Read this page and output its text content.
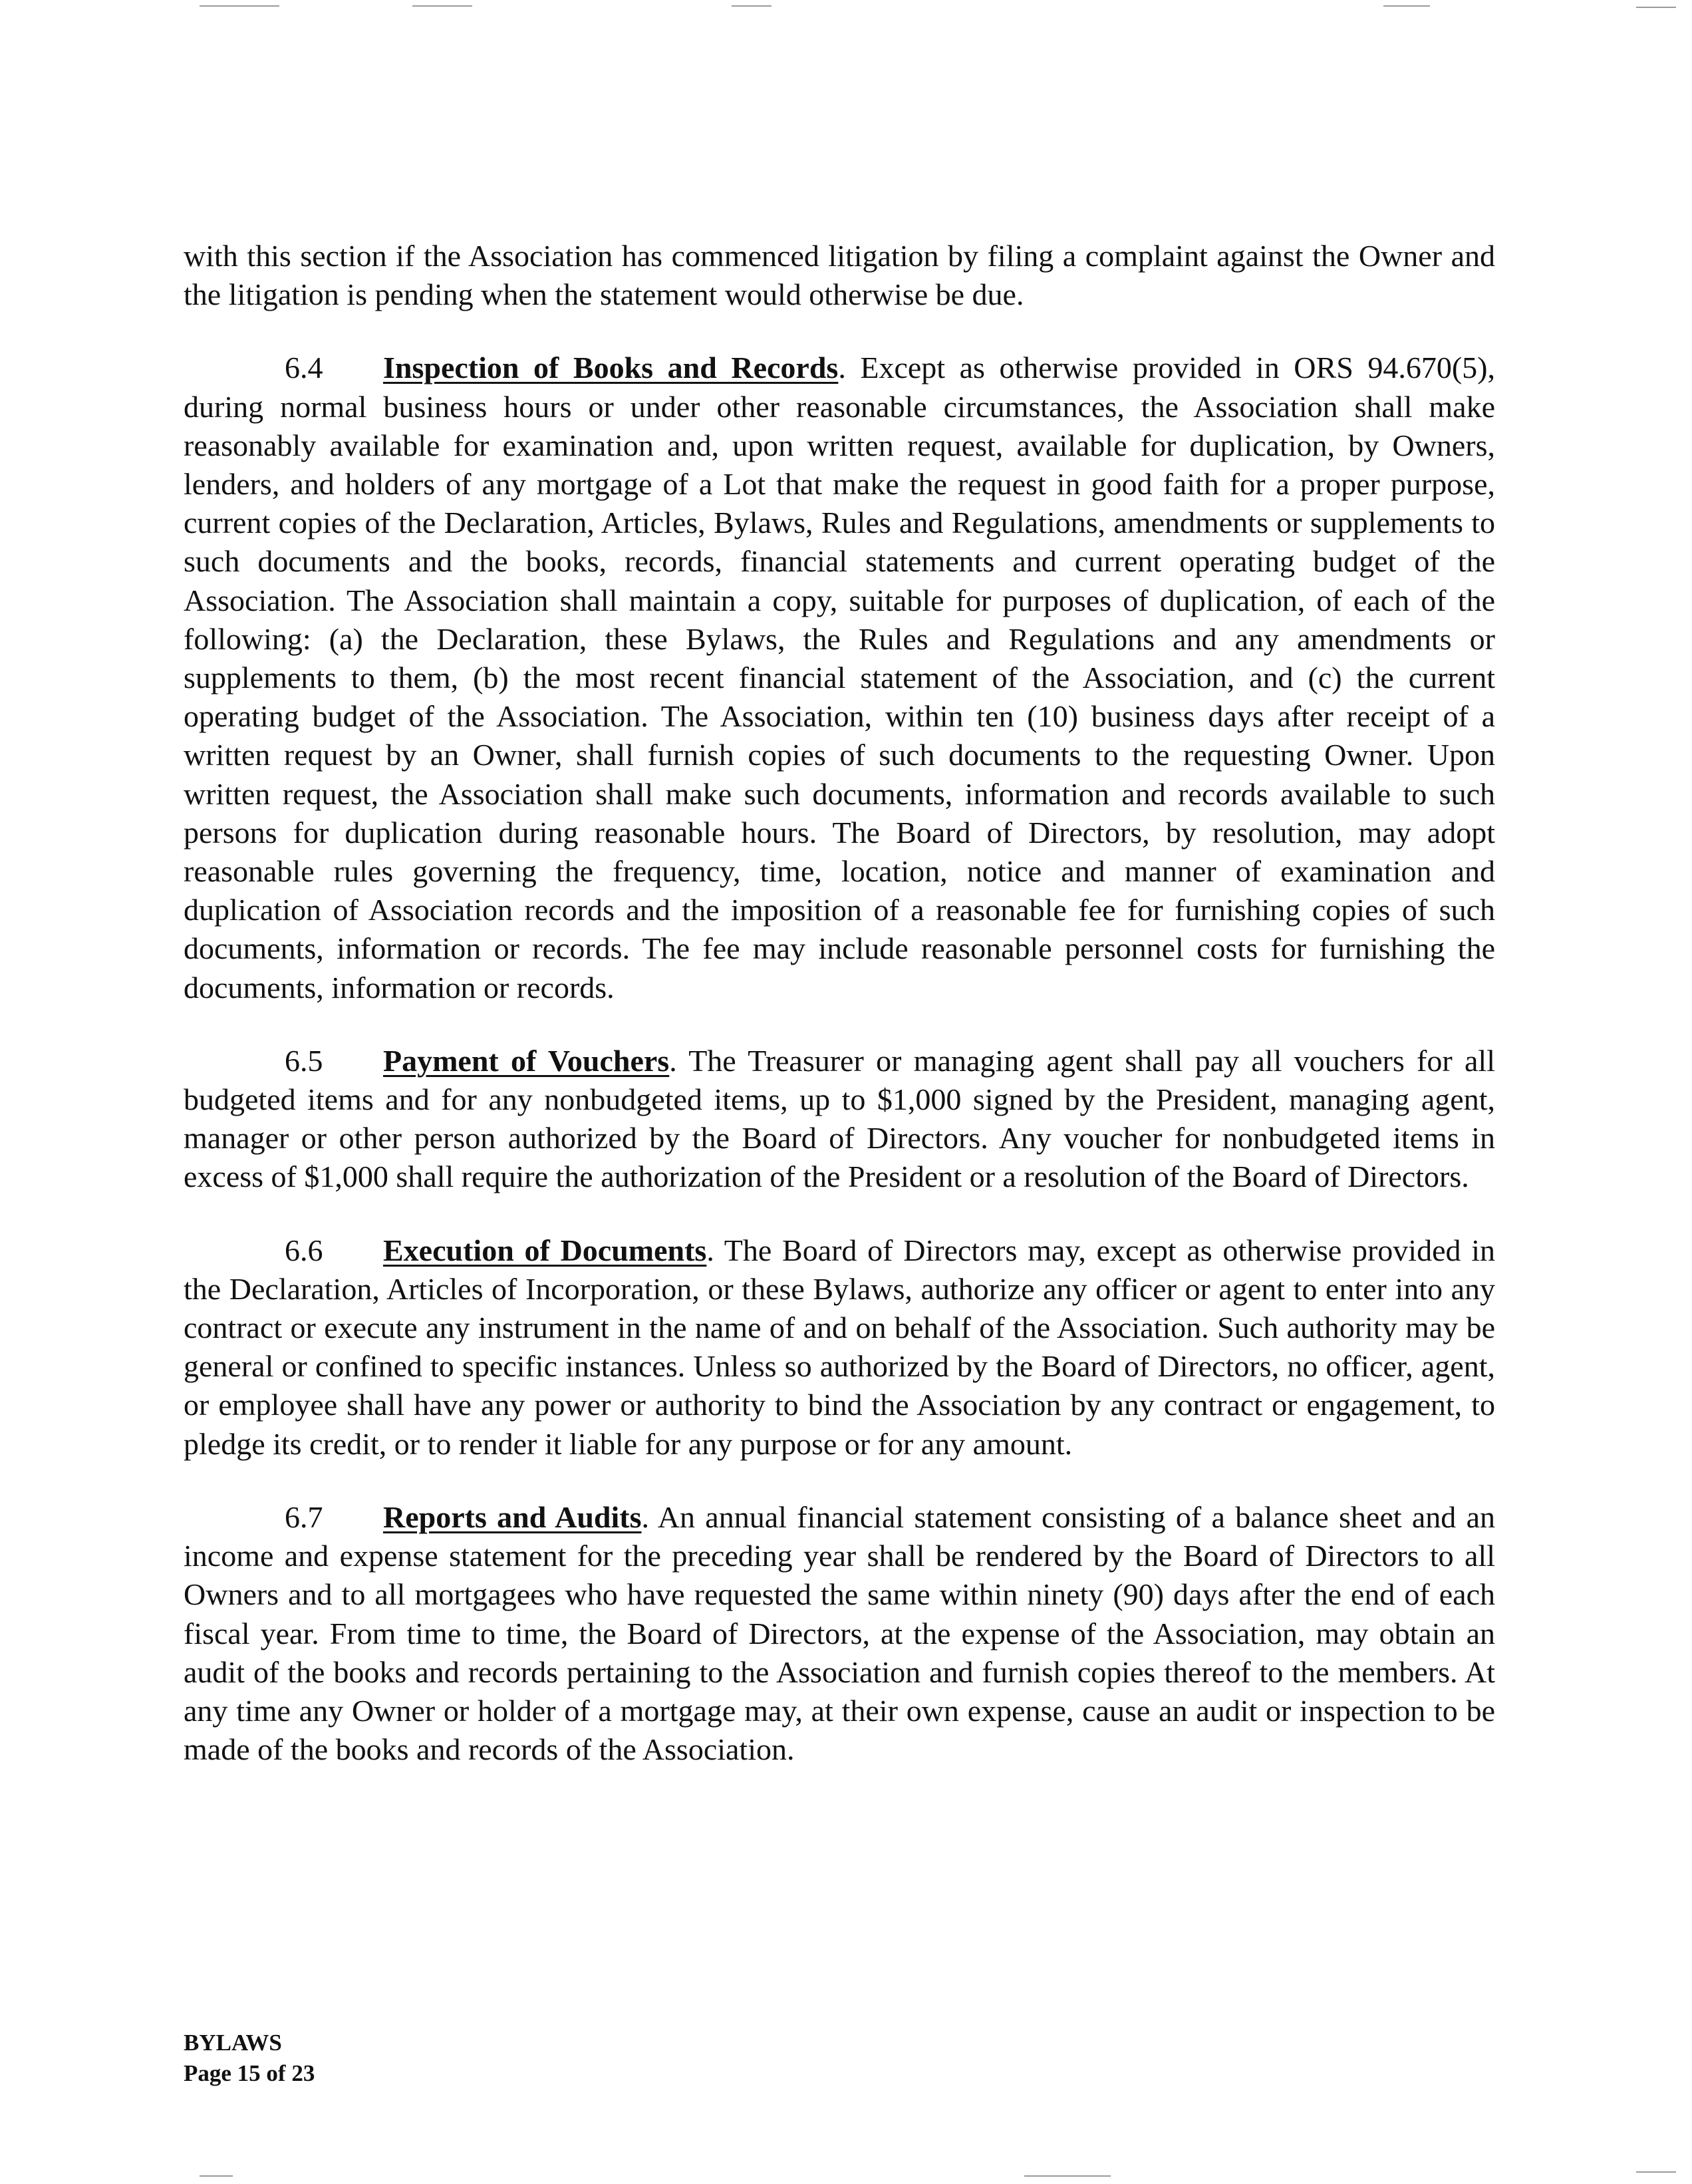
with this section if the Association has commenced litigation by filing a complaint against the Owner and the litigation is pending when the statement would otherwise be due.

6.4 Inspection of Books and Records. Except as otherwise provided in ORS 94.670(5), during normal business hours or under other reasonable circumstances, the Association shall make reasonably available for examination and, upon written request, available for duplication, by Owners, lenders, and holders of any mortgage of a Lot that make the request in good faith for a proper purpose, current copies of the Declaration, Articles, Bylaws, Rules and Regulations, amendments or supplements to such documents and the books, records, financial statements and current operating budget of the Association. The Association shall maintain a copy, suitable for purposes of duplication, of each of the following: (a) the Declaration, these Bylaws, the Rules and Regulations and any amendments or supplements to them, (b) the most recent financial statement of the Association, and (c) the current operating budget of the Association. The Association, within ten (10) business days after receipt of a written request by an Owner, shall furnish copies of such documents to the requesting Owner. Upon written request, the Association shall make such documents, information and records available to such persons for duplication during reasonable hours. The Board of Directors, by resolution, may adopt reasonable rules governing the frequency, time, location, notice and manner of examination and duplication of Association records and the imposition of a reasonable fee for furnishing copies of such documents, information or records. The fee may include reasonable personnel costs for furnishing the documents, information or records.

6.5 Payment of Vouchers. The Treasurer or managing agent shall pay all vouchers for all budgeted items and for any nonbudgeted items, up to $1,000 signed by the President, managing agent, manager or other person authorized by the Board of Directors. Any voucher for nonbudgeted items in excess of $1,000 shall require the authorization of the President or a resolution of the Board of Directors.

6.6 Execution of Documents. The Board of Directors may, except as otherwise provided in the Declaration, Articles of Incorporation, or these Bylaws, authorize any officer or agent to enter into any contract or execute any instrument in the name of and on behalf of the Association. Such authority may be general or confined to specific instances. Unless so authorized by the Board of Directors, no officer, agent, or employee shall have any power or authority to bind the Association by any contract or engagement, to pledge its credit, or to render it liable for any purpose or for any amount.

6.7 Reports and Audits. An annual financial statement consisting of a balance sheet and an income and expense statement for the preceding year shall be rendered by the Board of Directors to all Owners and to all mortgagees who have requested the same within ninety (90) days after the end of each fiscal year. From time to time, the Board of Directors, at the expense of the Association, may obtain an audit of the books and records pertaining to the Association and furnish copies thereof to the members. At any time any Owner or holder of a mortgage may, at their own expense, cause an audit or inspection to be made of the books and records of the Association.

BYLAWS
Page 15 of 23
